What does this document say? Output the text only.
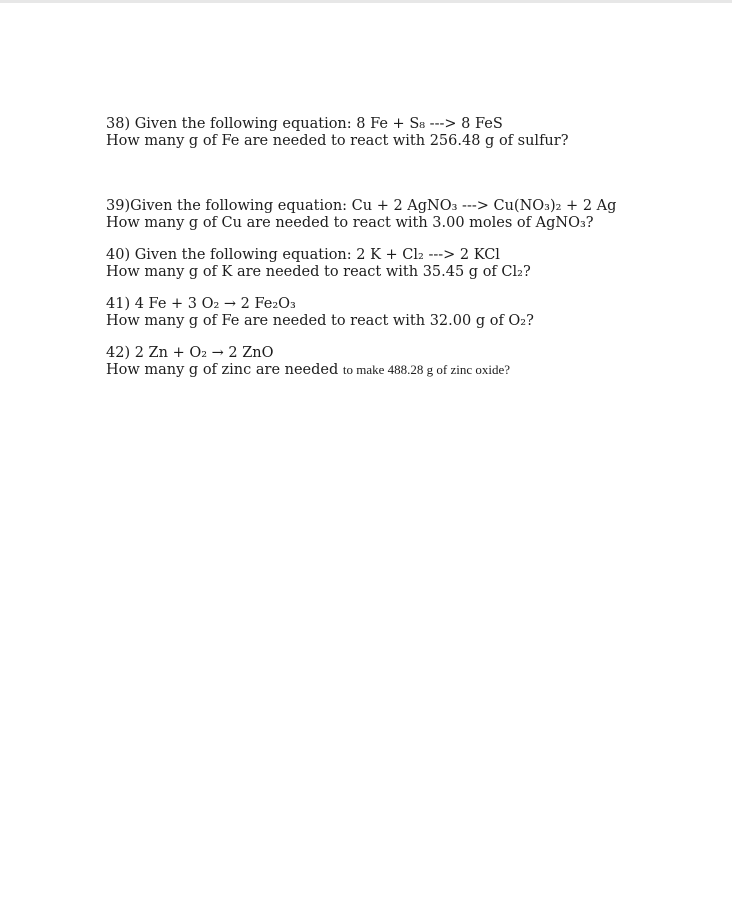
38) Given the following equation: 8 Fe + S₈ ---> 8 FeS
How many g of Fe are needed to react with 256.48 g of sulfur?
39)Given the following equation: Cu + 2 AgNO₃ ---> Cu(NO₃)₂ + 2 Ag
How many g of Cu are needed to react with 3.00 moles of AgNO₃?
40) Given the following equation: 2 K + Cl₂ ---> 2 KCl
How many g of K are needed to react with 35.45 g of Cl₂?
41) 4 Fe + 3 O₂ → 2 Fe₂O₃
How many g of Fe are needed to react with 32.00 g of O₂?
42) 2 Zn + O₂ → 2 ZnO
How many g of zinc are needed to make 488.28 g of zinc oxide?
